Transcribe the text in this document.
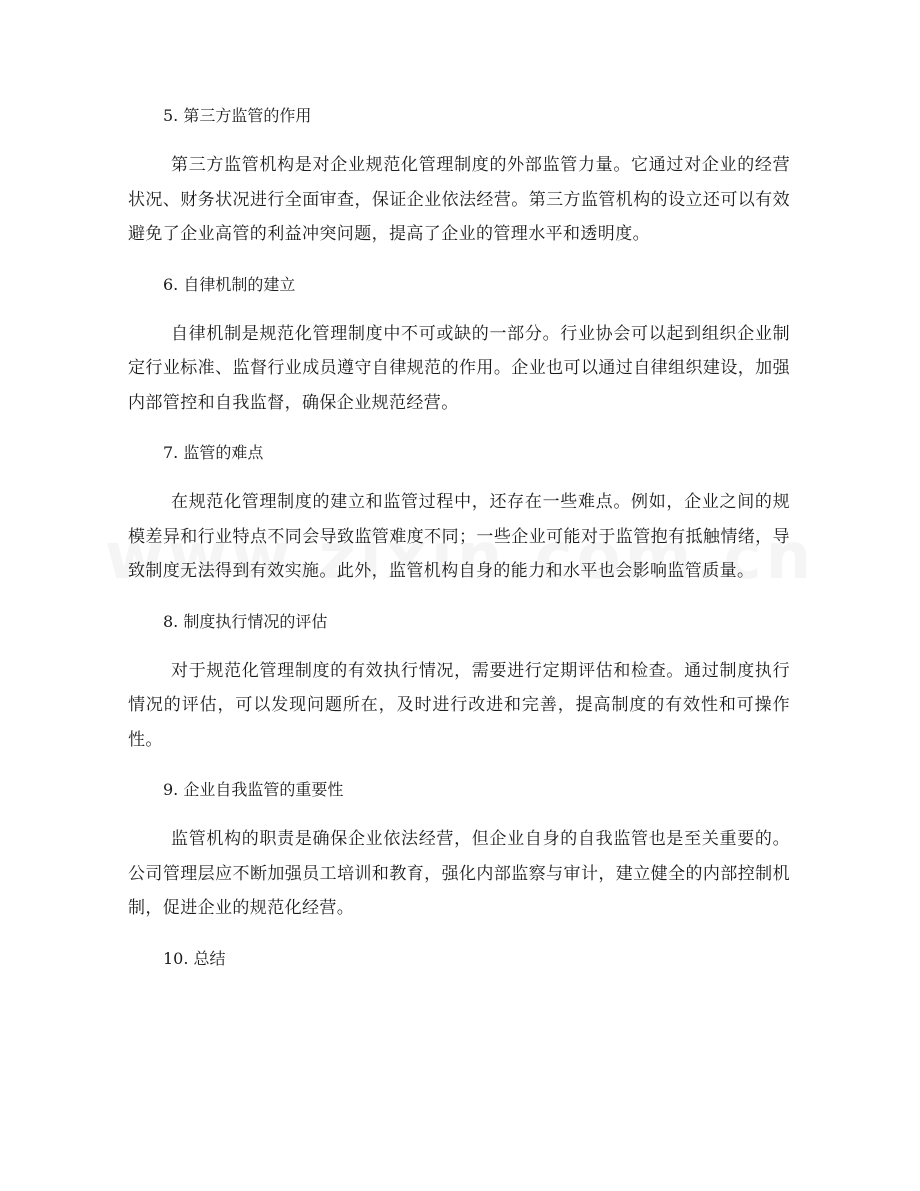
5. 第三方监管的作用

第三方监管机构是对企业规范化管理制度的外部监管力量。它通过对企业的经营状况、财务状况进行全面审查，保证企业依法经营。第三方监管机构的设立还可以有效避免了企业高管的利益冲突问题，提高了企业的管理水平和透明度。

6. 自律机制的建立

自律机制是规范化管理制度中不可或缺的一部分。行业协会可以起到组织企业制定行业标准、监督行业成员遵守自律规范的作用。企业也可以通过自律组织建设，加强内部管控和自我监督，确保企业规范经营。

7. 监管的难点

在规范化管理制度的建立和监管过程中，还存在一些难点。例如，企业之间的规模差异和行业特点不同会导致监管难度不同；一些企业可能对于监管抱有抵触情绪，导致制度无法得到有效实施。此外，监管机构自身的能力和水平也会影响监管质量。

8. 制度执行情况的评估

对于规范化管理制度的有效执行情况，需要进行定期评估和检查。通过制度执行情况的评估，可以发现问题所在，及时进行改进和完善，提高制度的有效性和可操作性。

9. 企业自我监管的重要性

监管机构的职责是确保企业依法经营，但企业自身的自我监管也是至关重要的。公司管理层应不断加强员工培训和教育，强化内部监察与审计，建立健全的内部控制机制，促进企业的规范化经营。

10. 总结
